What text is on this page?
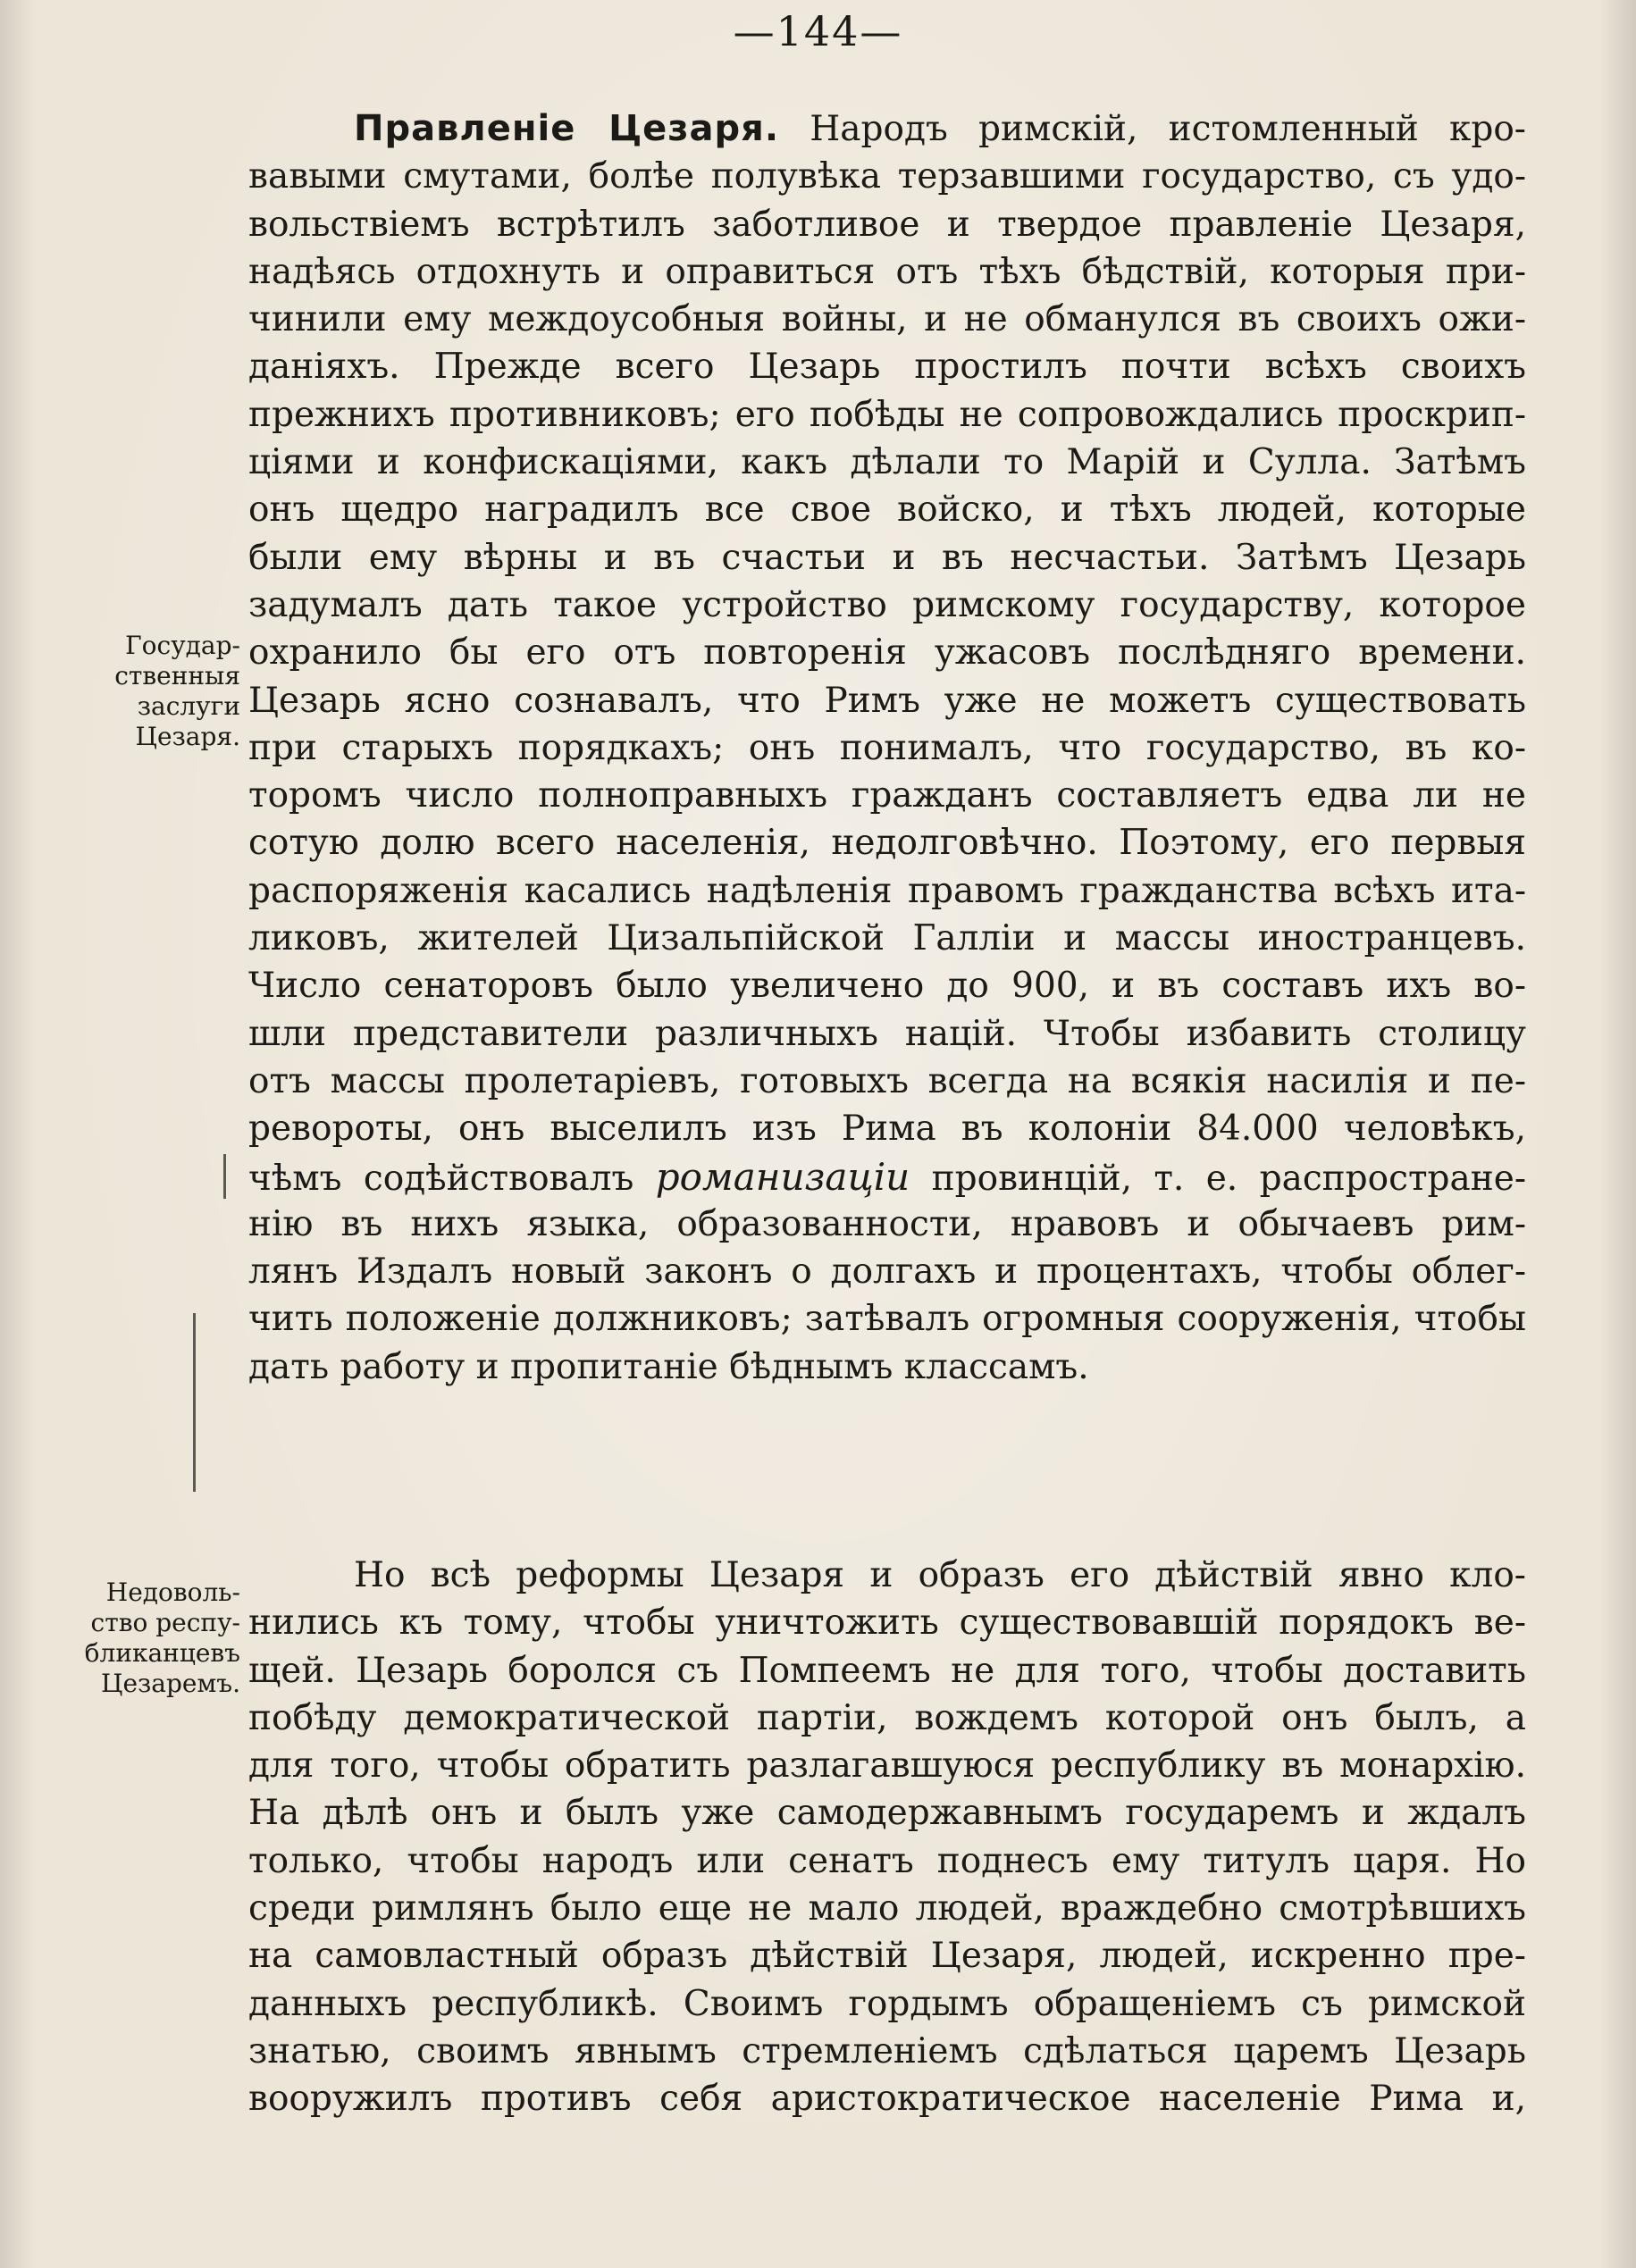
—144—
Государ-
ственныя
заслуги
Цезаря.
Недоволь-
ство респу-
бликанцевъ
Цезаремъ.
Правленіе Цезаря. Народъ римскій, истомленный кро-
вавыми смутами, болѣе полувѣка терзавшими государство, съ удо-
вольствіемъ встрѣтилъ заботливое и твердое правленіе Цезаря,
надѣясь отдохнуть и оправиться отъ тѣхъ бѣдствій, которыя при-
чинили ему междоусобныя войны, и не обманулся въ своихъ ожи-
даніяхъ. Прежде всего Цезарь простилъ почти всѣхъ своихъ
прежнихъ противниковъ; его побѣды не сопровождались проскрип-
ціями и конфискаціями, какъ дѣлали то Марій и Сулла. Затѣмъ
онъ щедро наградилъ все свое войско, и тѣхъ людей, которые
были ему вѣрны и въ счастьи и въ несчастьи. Затѣмъ Цезарь
задумалъ дать такое устройство римскому государству, которое
охранило бы его отъ повторенія ужасовъ послѣдняго времени.
Цезарь ясно сознавалъ, что Римъ уже не можетъ существовать
при старыхъ порядкахъ; онъ понималъ, что государство, въ ко-
торомъ число полноправныхъ гражданъ составляетъ едва ли не
сотую долю всего населенія, недолговѣчно. Поэтому, его первыя
распоряженія касались надѣленія правомъ гражданства всѣхъ ита-
ликовъ, жителей Цизальпійской Галліи и массы иностранцевъ.
Число сенаторовъ было увеличено до 900, и въ составъ ихъ во-
шли представители различныхъ націй. Чтобы избавить столицу
отъ массы пролетаріевъ, готовыхъ всегда на всякія насилія и пе-
ревороты, онъ выселилъ изъ Рима въ колоніи 84.000 человѣкъ,
чѣмъ содѣйствовалъ романизаціи провинцій, т. е. распростране-
нію въ нихъ языка, образованности, нравовъ и обычаевъ рим-
лянъ Издалъ новый законъ о долгахъ и процентахъ, чтобы облег-
чить положеніе должниковъ; затѣвалъ огромныя сооруженія, чтобы
дать работу и пропитаніе бѣднымъ классамъ.
Но всѣ реформы Цезаря и образъ его дѣйствій явно кло-
нились къ тому, чтобы уничтожить существовавшій порядокъ ве-
щей. Цезарь боролся съ Помпеемъ не для того, чтобы доставить
побѣду демократической партіи, вождемъ которой онъ былъ, а
для того, чтобы обратить разлагавшуюся республику въ монархію.
На дѣлѣ онъ и былъ уже самодержавнымъ государемъ и ждалъ
только, чтобы народъ или сенатъ поднесъ ему титулъ царя. Но
среди римлянъ было еще не мало людей, враждебно смотрѣвшихъ
на самовластный образъ дѣйствій Цезаря, людей, искренно пре-
данныхъ республикѣ. Своимъ гордымъ обращеніемъ съ римской
знатью, своимъ явнымъ стремленіемъ сдѣлаться царемъ Цезарь
вооружилъ противъ себя аристократическое населеніе Рима и,
